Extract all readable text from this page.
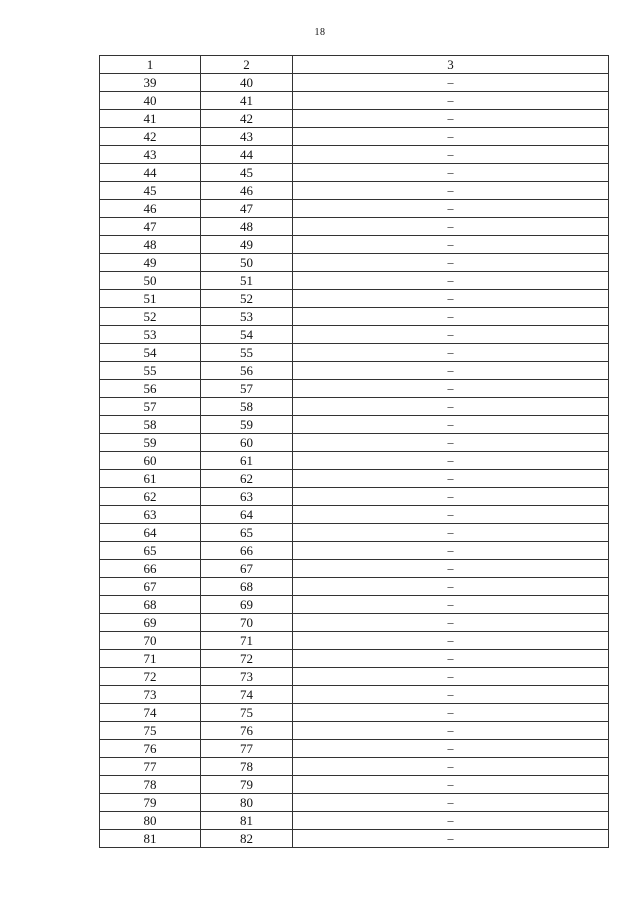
18
1	2	3
39	40	–
40	41	–
41	42	–
42	43	–
43	44	–
44	45	–
45	46	–
46	47	–
47	48	–
48	49	–
49	50	–
50	51	–
51	52	–
52	53	–
53	54	–
54	55	–
55	56	–
56	57	–
57	58	–
58	59	–
59	60	–
60	61	–
61	62	–
62	63	–
63	64	–
64	65	–
65	66	–
66	67	–
67	68	–
68	69	–
69	70	–
70	71	–
71	72	–
72	73	–
73	74	–
74	75	–
75	76	–
76	77	–
77	78	–
78	79	–
79	80	–
80	81	–
81	82	–
